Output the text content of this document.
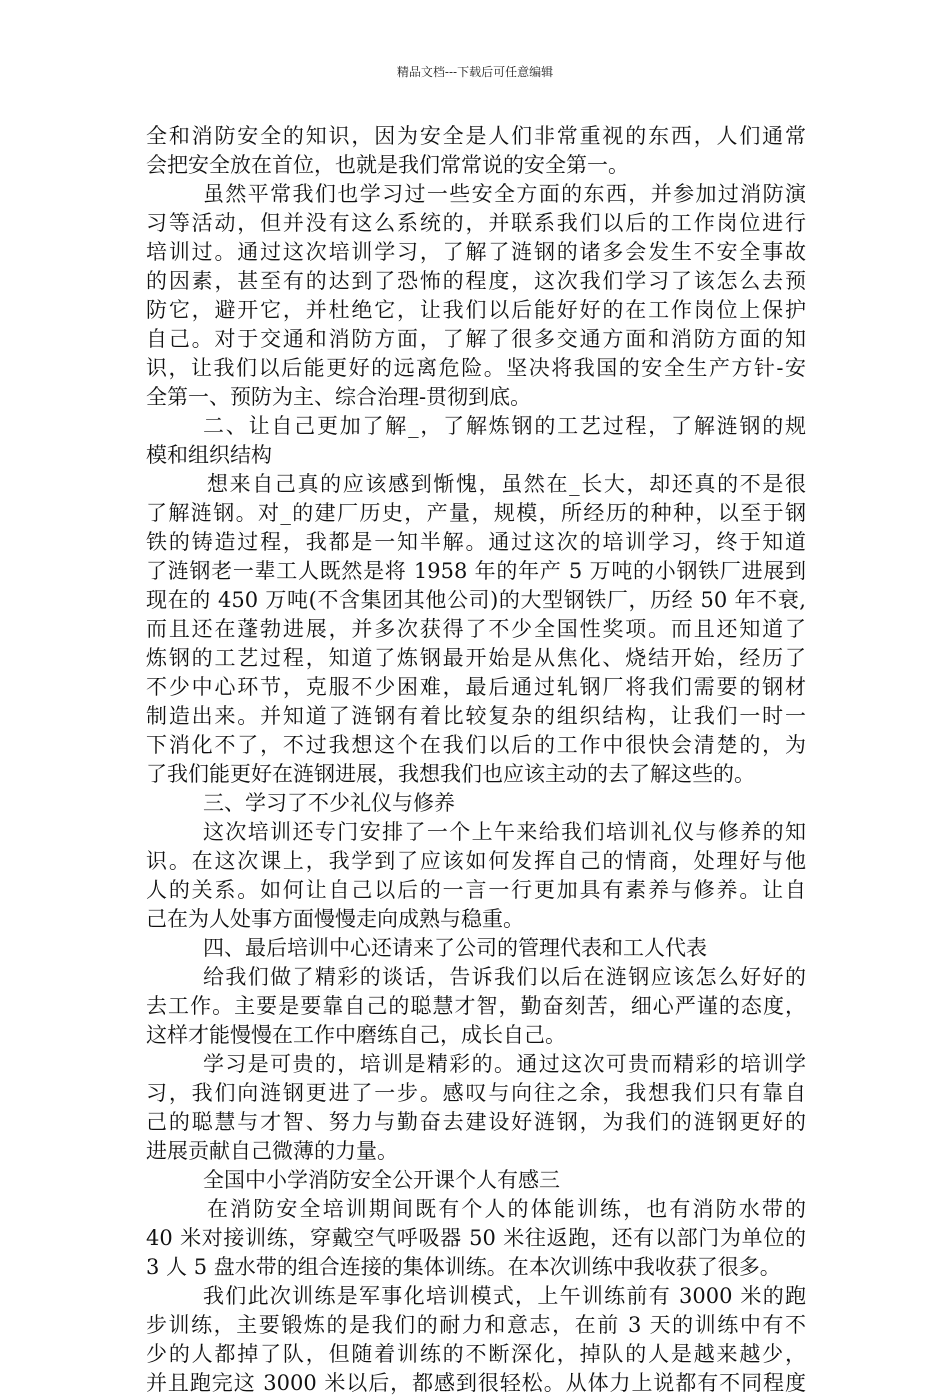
精品文档---下载后可任意编辑
全和消防安全的知识，因为安全是人们非常重视的东西，人们通常
会把安全放在首位，也就是我们常常说的安全第一。
虽然平常我们也学习过一些安全方面的东西，并参加过消防演
习等活动，但并没有这么系统的，并联系我们以后的工作岗位进行
培训过。通过这次培训学习，了解了涟钢的诸多会发生不安全事故
的因素，甚至有的达到了恐怖的程度，这次我们学习了该怎么去预
防它，避开它，并杜绝它，让我们以后能好好的在工作岗位上保护
自己。对于交通和消防方面，了解了很多交通方面和消防方面的知
识，让我们以后能更好的远离危险。坚决将我国的安全生产方针-安
全第一、预防为主、综合治理-贯彻到底。
二、让自己更加了解_，了解炼钢的工艺过程，了解涟钢的规
模和组织结构
想来自己真的应该感到惭愧，虽然在_长大，却还真的不是很
了解涟钢。对_的建厂历史，产量，规模，所经历的种种，以至于钢
铁的铸造过程，我都是一知半解。通过这次的培训学习，终于知道
了涟钢老一辈工人既然是将 1958 年的年产 5 万吨的小钢铁厂进展到
现在的 450 万吨(不含集团其他公司)的大型钢铁厂，历经 50 年不衰,
而且还在蓬勃进展，并多次获得了不少全国性奖项。而且还知道了
炼钢的工艺过程，知道了炼钢最开始是从焦化、烧结开始，经历了
不少中心环节，克服不少困难，最后通过轧钢厂将我们需要的钢材
制造出来。并知道了涟钢有着比较复杂的组织结构，让我们一时一
下消化不了，不过我想这个在我们以后的工作中很快会清楚的，为
了我们能更好在涟钢进展，我想我们也应该主动的去了解这些的。
三、学习了不少礼仪与修养
这次培训还专门安排了一个上午来给我们培训礼仪与修养的知
识。在这次课上，我学到了应该如何发挥自己的情商，处理好与他
人的关系。如何让自己以后的一言一行更加具有素养与修养。让自
己在为人处事方面慢慢走向成熟与稳重。
四、最后培训中心还请来了公司的管理代表和工人代表
给我们做了精彩的谈话，告诉我们以后在涟钢应该怎么好好的
去工作。主要是要靠自己的聪慧才智，勤奋刻苦，细心严谨的态度，
这样才能慢慢在工作中磨练自己，成长自己。
学习是可贵的，培训是精彩的。通过这次可贵而精彩的培训学
习，我们向涟钢更进了一步。感叹与向往之余，我想我们只有靠自
己的聪慧与才智、努力与勤奋去建设好涟钢，为我们的涟钢更好的
进展贡献自己微薄的力量。
全国中小学消防安全公开课个人有感三
在消防安全培训期间既有个人的体能训练，也有消防水带的
40 米对接训练，穿戴空气呼吸器 50 米往返跑，还有以部门为单位的
3 人 5 盘水带的组合连接的集体训练。在本次训练中我收获了很多。
我们此次训练是军事化培训模式，上午训练前有 3000 米的跑
步训练，主要锻炼的是我们的耐力和意志，在前 3 天的训练中有不
少的人都掉了队，但随着训练的不断深化，掉队的人是越来越少，
并且跑完这 3000 米以后，都感到很轻松。从体力上说都有不同程度
